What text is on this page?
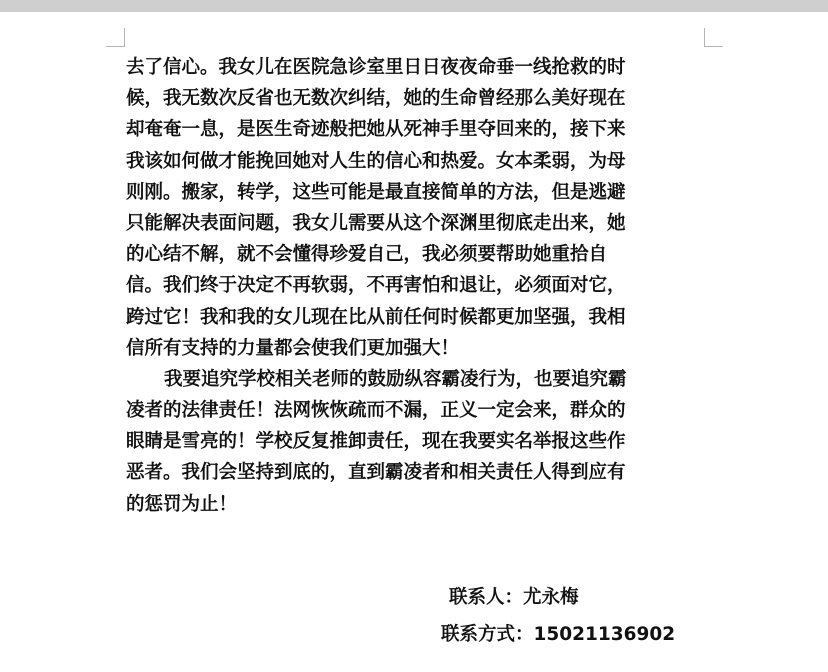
去了信心。我女儿在医院急诊室里日日夜夜命垂一线抢救的时
候，我无数次反省也无数次纠结，她的生命曾经那么美好现在
却奄奄一息，是医生奇迹般把她从死神手里夺回来的，接下来
我该如何做才能挽回她对人生的信心和热爱。女本柔弱，为母
则刚。搬家，转学，这些可能是最直接简单的方法，但是逃避
只能解决表面问题，我女儿需要从这个深渊里彻底走出来，她
的心结不解，就不会懂得珍爱自己，我必须要帮助她重拾自
信。我们终于决定不再软弱，不再害怕和退让，必须面对它，
跨过它！我和我的女儿现在比从前任何时候都更加坚强，我相
信所有支持的力量都会使我们更加强大！
我要追究学校相关老师的鼓励纵容霸凌行为，也要追究霸
凌者的法律责任！法网恢恢疏而不漏，正义一定会来，群众的
眼睛是雪亮的！学校反复推卸责任，现在我要实名举报这些作
恶者。我们会坚持到底的，直到霸凌者和相关责任人得到应有
的惩罚为止！
联系人：尤永梅
联系方式：15021136902
